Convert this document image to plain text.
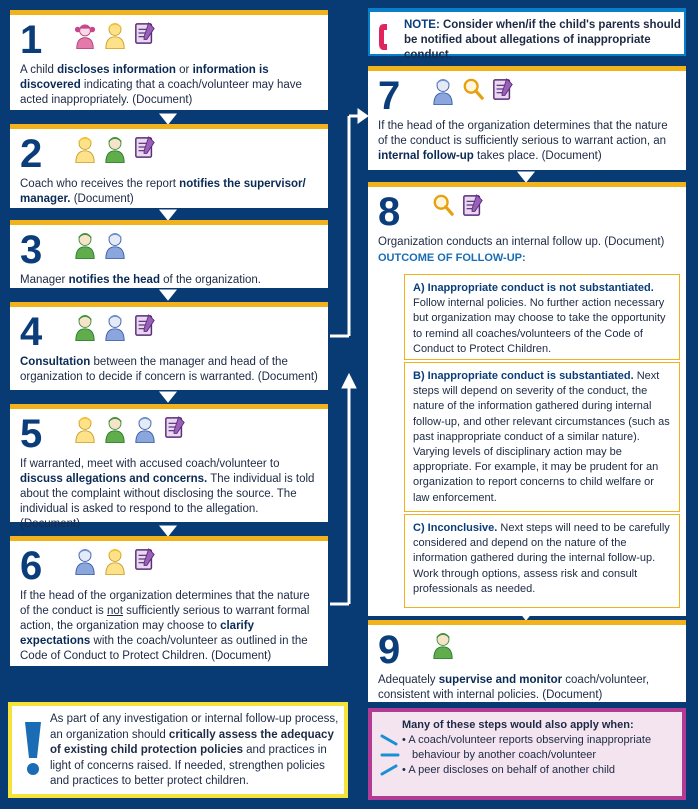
NOTE: Consider when/if the child's parents should be notified about allegations of inappropriate conduct.
1
A child discloses information or information is discovered indicating that a coach/volunteer may have acted inappropriately. (Document)
2
Coach who receives the report notifies the supervisor/ manager. (Document)
3
Manager notifies the head of the organization.
4
Consultation between the manager and head of the organization to decide if concern is warranted. (Document)
5
If warranted, meet with accused coach/volunteer to discuss allegations and concerns. The individual is told about the complaint without disclosing the source. The individual is asked to respond to the allegation. (Document)
6
If the head of the organization determines that the nature of the conduct is not sufficiently serious to warrant formal action, the organization may choose to clarify expectations with the coach/volunteer as outlined in the Code of Conduct to Protect Children. (Document)
7
If the head of the organization determines that the nature of the conduct is sufficiently serious to warrant action, an internal follow-up takes place. (Document)
8
Organization conducts an internal follow up. (Document)
OUTCOME OF FOLLOW-UP:
A) Inappropriate conduct is not substantiated. Follow internal policies. No further action necessary but organization may choose to take the opportunity to remind all coaches/volunteers of the Code of Conduct to Protect Children.
B) Inappropriate conduct is substantiated. Next steps will depend on severity of the conduct, the nature of the information gathered during internal follow-up, and other relevant circumstances (such as past inappropriate conduct of a similar nature). Varying levels of disciplinary action may be appropriate. For example, it may be prudent for an organization to report concerns to child welfare or law enforcement.
C) Inconclusive. Next steps will need to be carefully considered and depend on the nature of the information gathered during the internal follow-up. Work through options, assess risk and consult professionals as needed.
9
Adequately supervise and monitor coach/volunteer, consistent with internal policies. (Document)
As part of any investigation or internal follow-up process, an organization should critically assess the adequacy of existing child protection policies and practices in light of concerns raised. If needed, strengthen policies and practices to better protect children.
Many of these steps would also apply when:
• A coach/volunteer reports observing inappropriate behaviour by another coach/volunteer
• A peer discloses on behalf of another child
